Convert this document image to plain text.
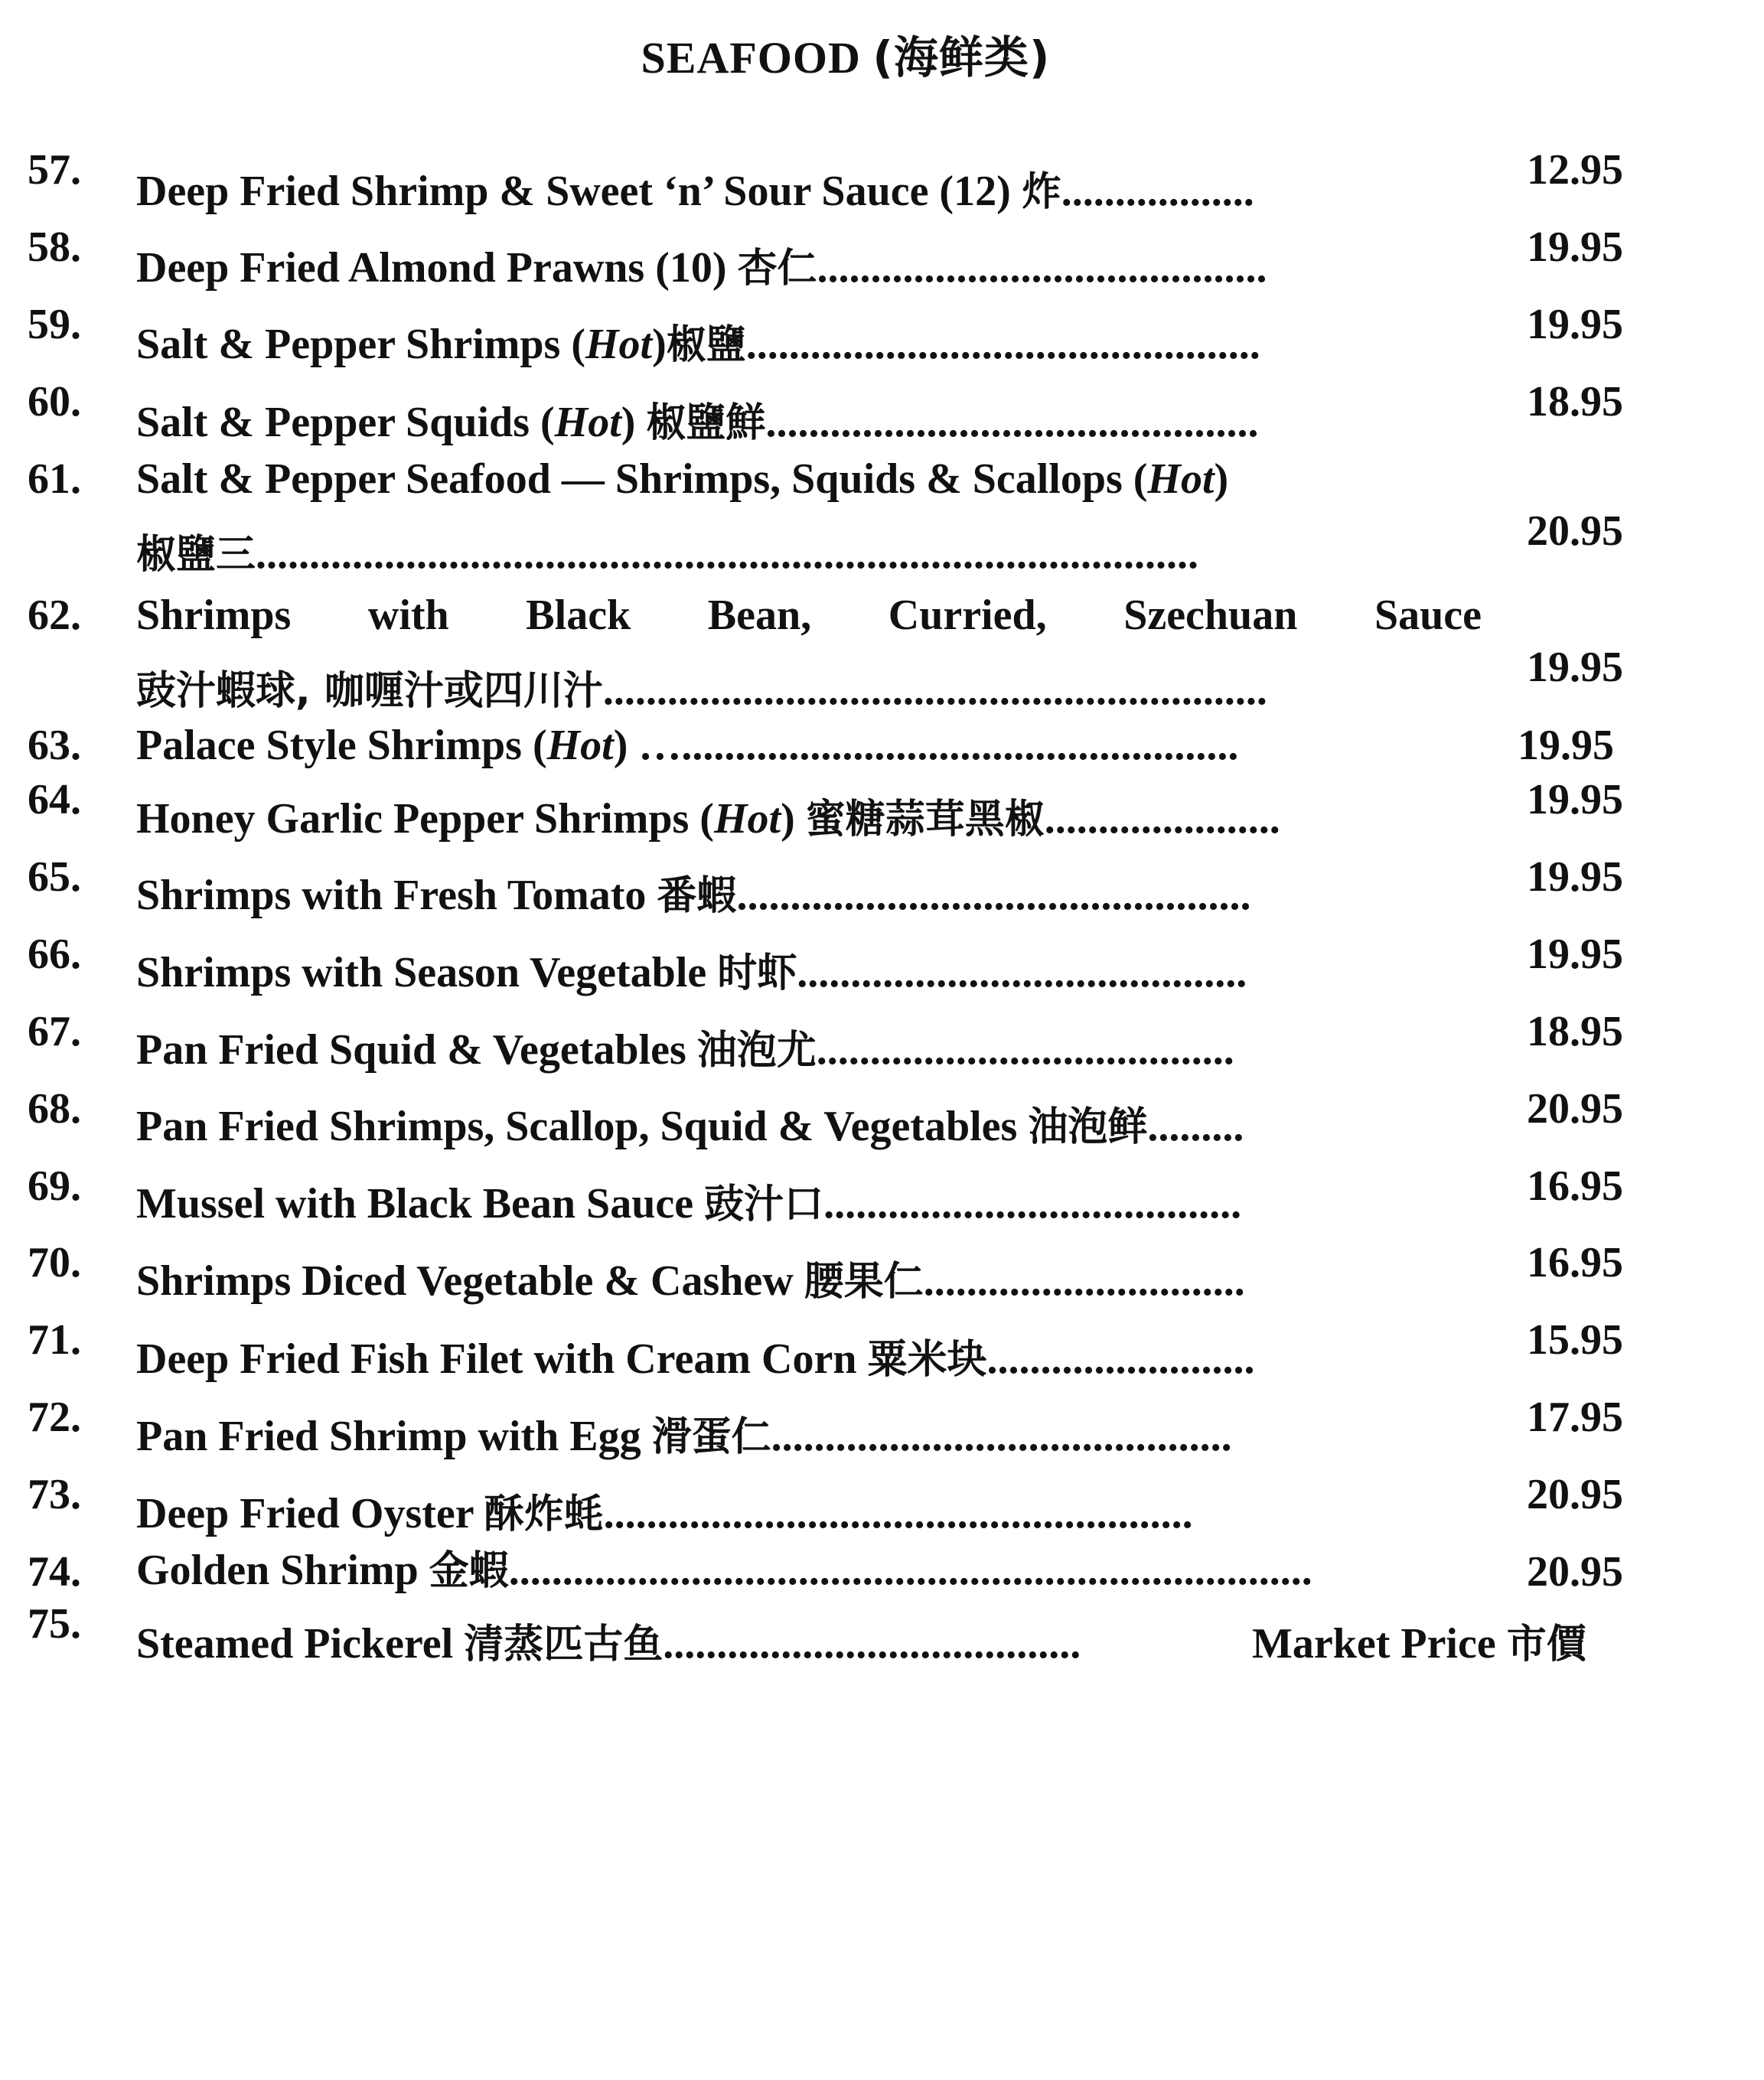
SEAFOOD (海鲜类)
57. Deep Fried Shrimp & Sweet ‘n’ Sour Sauce (12) 炸..................	12.95
58. Deep Fried Almond Prawns (10) 杏仁..........................................	19.95
59. Salt & Pepper Shrimps (Hot)椒鹽................................................	19.95
60. Salt & Pepper Squids (Hot) 椒鹽鮮..............................................	18.95
61. Salt & Pepper Seafood — Shrimps, Squids & Scallops (Hot)
椒鹽三........................................................................................	20.95
62. Shrimps with Black Bean, Curried, Szechuan Sauce
豉汁蝦球, 咖喱汁或四川汁..............................................................	19.95
63. Palace Style Shrimps (Hot) …....................................................	19.95
64. Honey Garlic Pepper Shrimps (Hot) 蜜糖蒜茸黑椒......................	19.95
65. Shrimps with Fresh Tomato 番蝦................................................	19.95
66. Shrimps with Season Vegetable 时虾..........................................	19.95
67. Pan Fried Squid & Vegetables 油泡尤.......................................	18.95
68. Pan Fried Shrimps, Scallop, Squid & Vegetables 油泡鲜.........	20.95
69. Mussel with Black Bean Sauce 豉汁口.......................................	16.95
70. Shrimps Diced Vegetable & Cashew 腰果仁..............................	16.95
71. Deep Fried Fish Filet with Cream Corn 粟米块.........................	15.95
72. Pan Fried Shrimp with Egg 滑蛋仁...........................................	17.95
73. Deep Fried Oyster 酥炸蚝.......................................................	20.95
74. Golden Shrimp 金蝦...........................................................................	20.95
75. Steamed Pickerel 清蒸匹古鱼.......................................	Market Price 市價
